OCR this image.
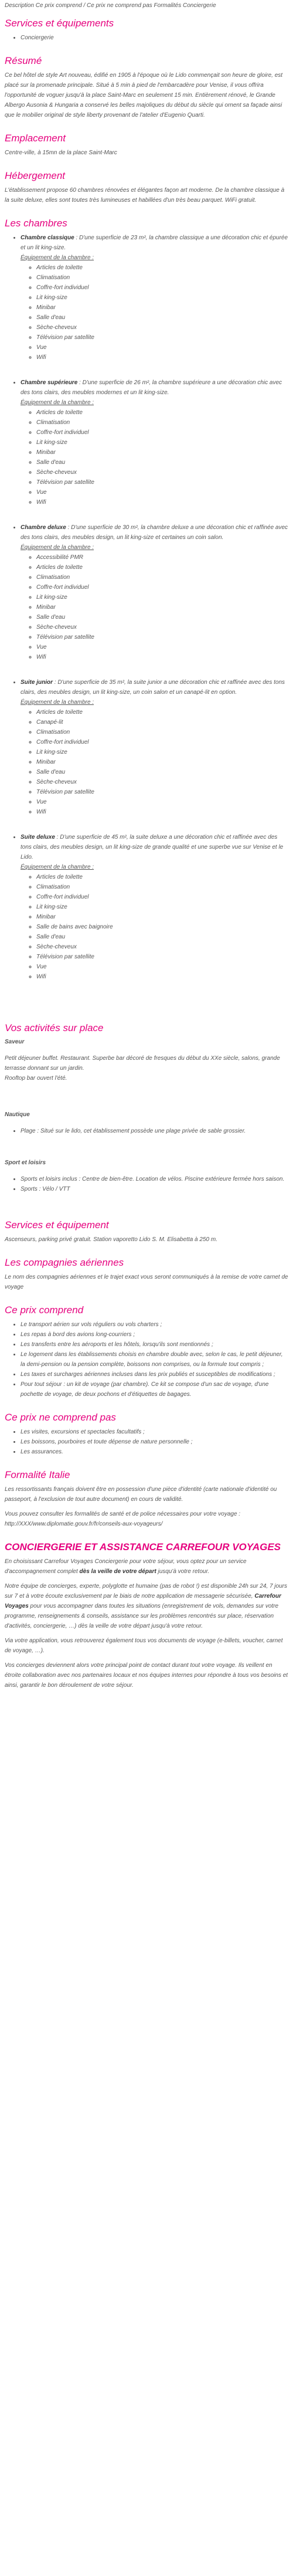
Description Ce prix comprend / Ce prix ne comprend pas Formalités Conciergerie
Services et équipements
• Conciergerie
Résumé

Ce bel hôtel de style Art nouveau, édifié en 1905 à l'époque où le Lido commençait son heure de gloire, est placé sur la promenade principale. Situé à 5 min à pied de l'embarcadère pour Venise, il vous offrira l'opportunité de voguer jusqu'à la place Saint-Marc en seulement 15 min. Entièrement rénové, le Grande Albergo Ausonia & Hungaria a conservé les belles majoliques du début du siècle qui ornent sa façade ainsi que le mobilier original de style liberty provenant de l'atelier d'Eugenio Quarti.

Emplacement

Centre-ville, à 15mn de la place Saint-Marc

Hébergement

L'établissement propose 60 chambres rénovées et élégantes façon art moderne. De la chambre classique à la suite deluxe, elles sont toutes très lumineuses et habillées d'un très beau parquet. WiFi gratuit.

Les chambres
• Chambre classique : D'une superficie de 23 m², la chambre classique a une décoration chic et épurée et un lit king-size.
Équipement de la chambre :
◦ Articles de toilette
◦ Climatisation
◦ Coffre-fort individuel
◦ Lit king-size
◦ Minibar
◦ Salle d'eau
◦ Sèche-cheveux
◦ Télévision par satellite
◦ Vue
◦ Wifi
• Chambre supérieure : D'une superficie de 26 m², la chambre supérieure a une décoration chic avec des tons clairs, des meubles modernes et un lit king-size.
Équipement de la chambre :
◦ Articles de toilette
◦ Climatisation
◦ Coffre-fort individuel
◦ Lit king-size
◦ Minibar
◦ Salle d'eau
◦ Sèche-cheveux
◦ Télévision par satellite
◦ Vue
◦ Wifi
• Chambre deluxe : D'une superficie de 30 m², la chambre deluxe a une décoration chic et raffinée avec des tons clairs, des meubles design, un lit king-size et certaines un coin salon.
Équipement de la chambre :
◦ Accessibilité PMR
◦ Articles de toilette
◦ Climatisation
◦ Coffre-fort individuel
◦ Lit king-size
◦ Minibar
◦ Salle d'eau
◦ Sèche-cheveux
◦ Télévision par satellite
◦ Vue
◦ Wifi
• Suite junior : D'une superficie de 35 m², la suite junior a une décoration chic et raffinée avec des tons clairs, des meubles design, un lit king-size, un coin salon et un canapé-lit en option.
Équipement de la chambre :
◦ Articles de toilette
◦ Canapé-lit
◦ Climatisation
◦ Coffre-fort individuel
◦ Lit king-size
◦ Minibar
◦ Salle d'eau
◦ Sèche-cheveux
◦ Télévision par satellite
◦ Vue
◦ Wifi
• Suite deluxe : D'une superficie de 45 m², la suite deluxe a une décoration chic et raffinée avec des tons clairs, des meubles design, un lit king-size de grande qualité et une superbe vue sur Venise et le Lido.
Équipement de la chambre :
◦ Articles de toilette
◦ Climatisation
◦ Coffre-fort individuel
◦ Lit king-size
◦ Minibar
◦ Salle de bains avec baignoire
◦ Salle d'eau
◦ Sèche-cheveux
◦ Télévision par satellite
◦ Vue
◦ Wifi
Vos activités sur place
Saveur

Petit déjeuner buffet. Restaurant. Superbe bar décoré de fresques du début du XXe siècle, salons, grande terrasse donnant sur un jardin.

Rooftop bar ouvert l'été.

Nautique
• Plage : Situé sur le lido, cet établissement possède une plage privée de sable grossier.
Sport et loisirs
• Sports et loisirs inclus : Centre de bien-être. Location de vélos. Piscine extérieure fermée hors saison.
• Sports : Vélo / VTT
Services et équipement

Ascenseurs, parking privé gratuit. Station vaporetto Lido S. M. Elisabetta à 250 m.

Les compagnies aériennes

Le nom des compagnies aériennes et le trajet exact vous seront communiqués à la remise de votre carnet de voyage

Ce prix comprend
• Le transport aérien sur vols réguliers ou vols charters ;
• Les repas à bord des avions long-courriers ;
• Les transferts entre les aéroports et les hôtels, lorsqu'ils sont mentionnés ;
• Le logement dans les établissements choisis en chambre double avec, selon le cas, le petit déjeuner, la demi-pension ou la pension complète, boissons non comprises, ou la formule tout compris ;
• Les taxes et surcharges aériennes incluses dans les prix publiés et susceptibles de modifications ;
• Pour tout séjour : un kit de voyage (par chambre). Ce kit se compose d'un sac de voyage, d'une pochette de voyage, de deux pochons et d'étiquettes de bagages.
Ce prix ne comprend pas
• Les visites, excursions et spectacles facultatifs ;
• Les boissons, pourboires et toute dépense de nature personnelle ;
• Les assurances.
Formalité Italie

Les ressortissants français doivent être en possession d'une pièce d'identité (carte nationale d'identité ou passeport, à l'exclusion de tout autre document) en cours de validité.

Vous pouvez consulter les formalités de santé et de police nécessaires pour votre voyage : http://XXX/www.diplomatie.gouv.fr/fr/conseils-aux-voyageurs/

CONCIERGERIE ET ASSISTANCE CARREFOUR VOYAGES

En choisissant Carrefour Voyages Conciergerie pour votre séjour, vous optez pour un service d'accompagnement complet dès la veille de votre départ jusqu'à votre retour.

Notre équipe de concierges, experte, polyglotte et humaine (pas de robot !) est disponible 24h sur 24, 7 jours sur 7 et à votre écoute exclusivement par le biais de notre application de messagerie sécurisée, Carrefour Voyages pour vous accompagner dans toutes les situations (enregistrement de vols, demandes sur votre programme, renseignements & conseils, assistance sur les problèmes rencontrés sur place, réservation d'activités, conciergerie, …) dès la veille de votre départ jusqu'à votre retour.

Via votre application, vous retrouverez également tous vos documents de voyage (e-billets, voucher, carnet de voyage, …).

Vos concierges deviennent alors votre principal point de contact durant tout votre voyage. Ils veillent en étroite collaboration avec nos partenaires locaux et nos équipes internes pour répondre à tous vos besoins et ainsi, garantir le bon déroulement de votre séjour.
